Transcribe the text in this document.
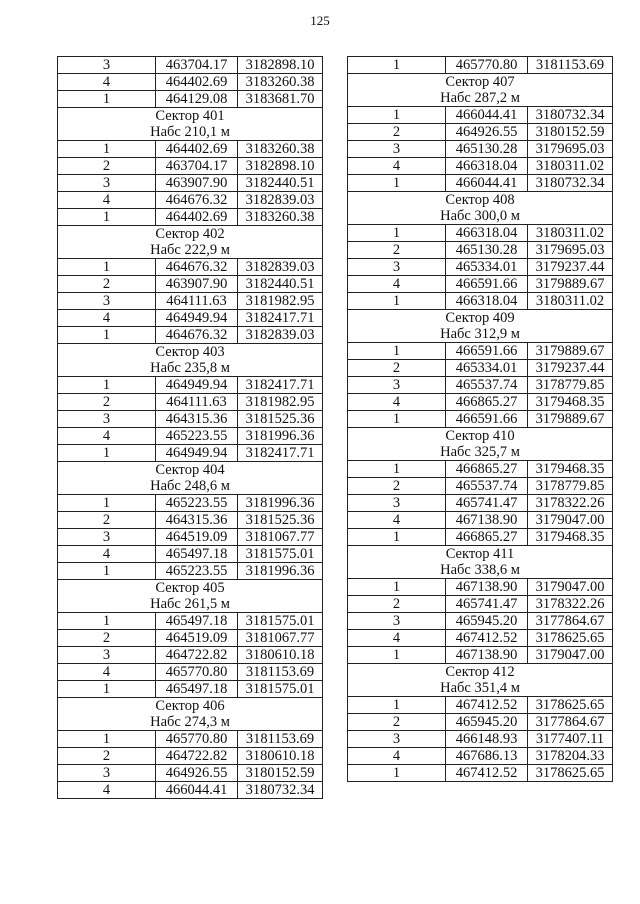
125
3	463704.17	3182898.10
4	464402.69	3183260.38
1	464129.08	3183681.70
Сектор 401		
Набс 210,1 м		
1	464402.69	3183260.38
2	463704.17	3182898.10
3	463907.90	3182440.51
4	464676.32	3182839.03
1	464402.69	3183260.38
Сектор 402		
Набс 222,9 м		
1	464676.32	3182839.03
2	463907.90	3182440.51
3	464111.63	3181982.95
4	464949.94	3182417.71
1	464676.32	3182839.03
Сектор 403		
Набс 235,8 м		
1	464949.94	3182417.71
2	464111.63	3181982.95
3	464315.36	3181525.36
4	465223.55	3181996.36
1	464949.94	3182417.71
Сектор 404		
Набс 248,6 м		
1	465223.55	3181996.36
2	464315.36	3181525.36
3	464519.09	3181067.77
4	465497.18	3181575.01
1	465223.55	3181996.36
Сектор 405		
Набс 261,5 м		
1	465497.18	3181575.01
2	464519.09	3181067.77
3	464722.82	3180610.18
4	465770.80	3181153.69
1	465497.18	3181575.01
Сектор 406		
Набс 274,3 м		
1	465770.80	3181153.69
2	464722.82	3180610.18
3	464926.55	3180152.59
4	466044.41	3180732.34
1	465770.80	3181153.69
Сектор 407		
Набс 287,2 м		
1	466044.41	3180732.34
2	464926.55	3180152.59
3	465130.28	3179695.03
4	466318.04	3180311.02
1	466044.41	3180732.34
Сектор 408		
Набс 300,0 м		
1	466318.04	3180311.02
2	465130.28	3179695.03
3	465334.01	3179237.44
4	466591.66	3179889.67
1	466318.04	3180311.02
Сектор 409		
Набс 312,9 м		
1	466591.66	3179889.67
2	465334.01	3179237.44
3	465537.74	3178779.85
4	466865.27	3179468.35
1	466591.66	3179889.67
Сектор 410		
Набс 325,7 м		
1	466865.27	3179468.35
2	465537.74	3178779.85
3	465741.47	3178322.26
4	467138.90	3179047.00
1	466865.27	3179468.35
Сектор 411		
Набс 338,6 м		
1	467138.90	3179047.00
2	465741.47	3178322.26
3	465945.20	3177864.67
4	467412.52	3178625.65
1	467138.90	3179047.00
Сектор 412		
Набс 351,4 м		
1	467412.52	3178625.65
2	465945.20	3177864.67
3	466148.93	3177407.11
4	467686.13	3178204.33
1	467412.52	3178625.65
